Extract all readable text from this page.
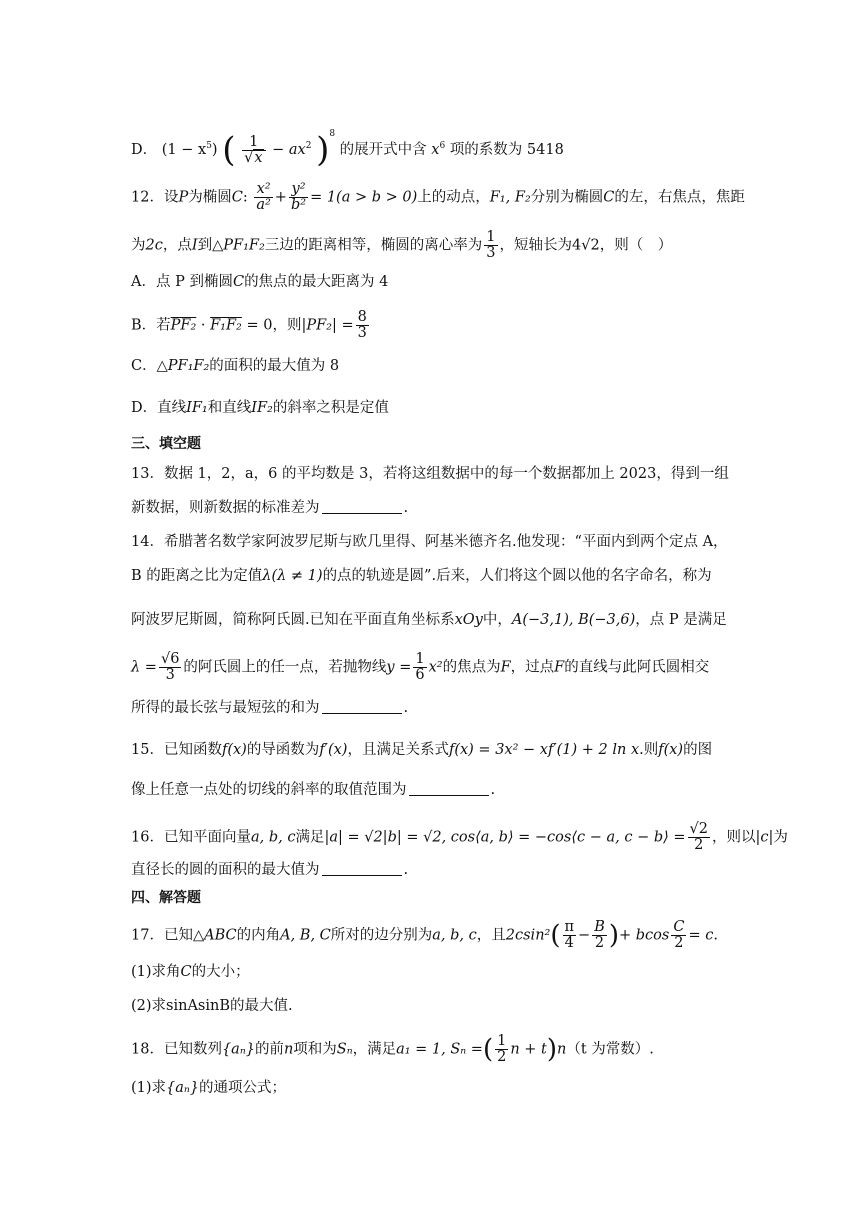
D． $(1 - x^5)$ ( $\frac{1}{√x} - ax^2$ )$^8$ 的展开式中含 $x^6$ 项的系数为 5418
12．设P为椭圆C: $\frac{\text{x²}}{\text{a²}} + \frac{\text{y²}}{\text{b²}} = 1(a > b > 0)$上的动点，F₁, F₂分别为椭圆C的左，右焦点，焦距
为2c，点I到△PF₁F₂三边的距离相等，椭圆的离心率为 $\frac{1}{3}$ ，短轴长为4√2，则（　）
A．点 P 到椭圆C的焦点的最大距离为 4
B．若PF₂ · F₁F₂ = 0，则$|PF_2| = \frac{8}{3}$
C．△PF₁F₂的面积的最大值为 8
D．直线IF₁和直线IF₂的斜率之积是定值
三、填空题
13．数据 1，2，a，6 的平均数是 3，若将这组数据中的每一个数据都加上 2023，得到一组
新数据，则新数据的标准差为	.
14．希腊著名数学家阿波罗尼斯与欧几里得、阿基米德齐名.他发现：“平面内到两个定点 A，
B 的距离之比为定值λ(λ ≠ 1)的点的轨迹是圆”.后来，人们将这个圆以他的名字命名，称为
阿波罗尼斯圆，简称阿氏圆.已知在平面直角坐标系xOy中，A(−3,1), B(−3,6)，点 P 是满足
$\lambda = \frac{√6}{3}$ 的阿氏圆上的任一点，若抛物线$y = \frac{1}{6} x^2$的焦点为F，过点F的直线与此阿氏圆相交
所得的最长弦与最短弦的和为	.
15．已知函数f(x)的导函数为f′(x)，且满足关系式f(x) = 3x² − xf′(1) + 2 ln x.则f(x)的图
像上任意一点处的切线的斜率的取值范围为	.
16．已知平面向量a, b, c满足|a| = √2|b| = √2, cos⟨a, b⟩ = −cos⟨c − a, c − b⟩ = $\frac{√2}{2}$ ，则以|c|为
直径长的圆的面积的最大值为	.
四、解答题
17．已知△ABC的内角A, B, C所对的边分别为a, b, c，且$2csin^2( \frac{\pi}{4} - \frac{B}{2}$ )+ bcos $\frac{C}{2} = c$.
(1)求角C的大小；
(2)求sinAsinB的最大值.
18．已知数列{aₙ}的前n项和为Sₙ，满足a₁ = 1, Sₙ =( $\frac{1}{2}$ n + t)n（t 为常数）.
(1)求{aₙ}的通项公式；
